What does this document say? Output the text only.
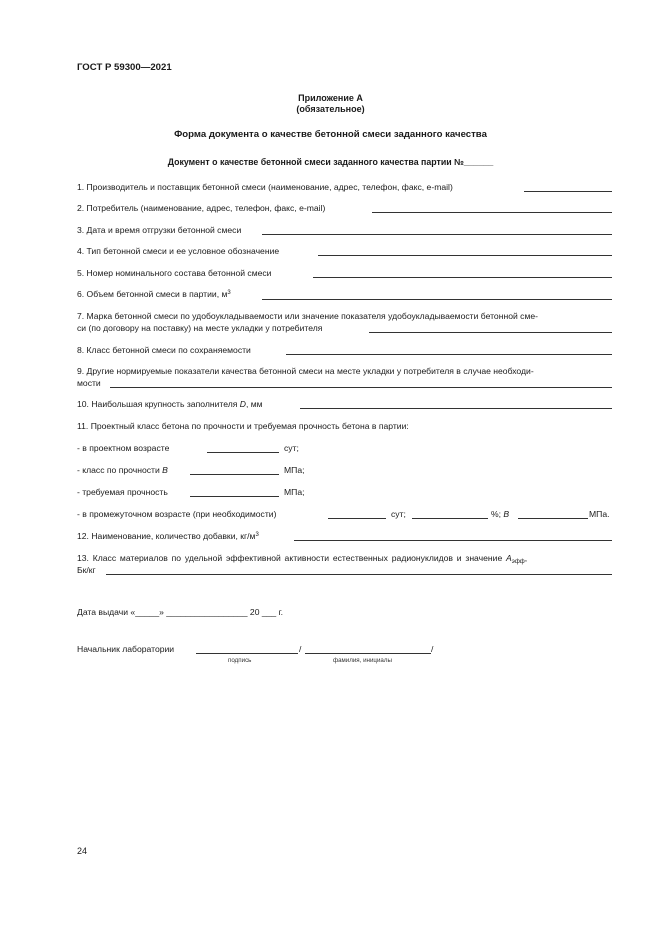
ГОСТ Р 59300—2021
Приложение А
(обязательное)
Форма документа о качестве бетонной смеси заданного качества
Документ о качестве бетонной смеси заданного качества партии №______
1. Производитель и поставщик бетонной смеси (наименование, адрес, телефон, факс, e-mail)
2. Потребитель (наименование, адрес, телефон, факс, e-mail)
3. Дата и время отгрузки бетонной смеси
4. Тип бетонной смеси и ее условное обозначение
5. Номер номинального состава бетонной смеси
6. Объем бетонной смеси в партии, $м^3$
7. Марка бетонной смеси по удобоукладываемости или значение показателя удобоукладываемости бетонной сме-
си (по договору на поставку) на месте укладки у потребителя
8. Класс бетонной смеси по сохраняемости
9. Другие нормируемые показатели качества бетонной смеси на месте укладки у потребителя в случае необходи-
мости
10. Наибольшая крупность заполнителя D, мм
11. Проектный класс бетона по прочности и требуемая прочность бетона в партии:
- в проектном возрасте	сут;
- класс по прочности B	МПа;
- требуемая прочность	МПа;
- в промежуточном возрасте (при необходимости)	сут;	%; B	МПа.
12. Наименование, количество добавки, $кг/м^3$
13. Класс материалов по удельной эффективной активности естественных радионуклидов и значение $А_{эфф}$,
Бк/кг
Дата выдачи «_____» _________________ 20 ___ г.
Начальник лаборатории	/	/
подпись	фамилия, инициалы
24
